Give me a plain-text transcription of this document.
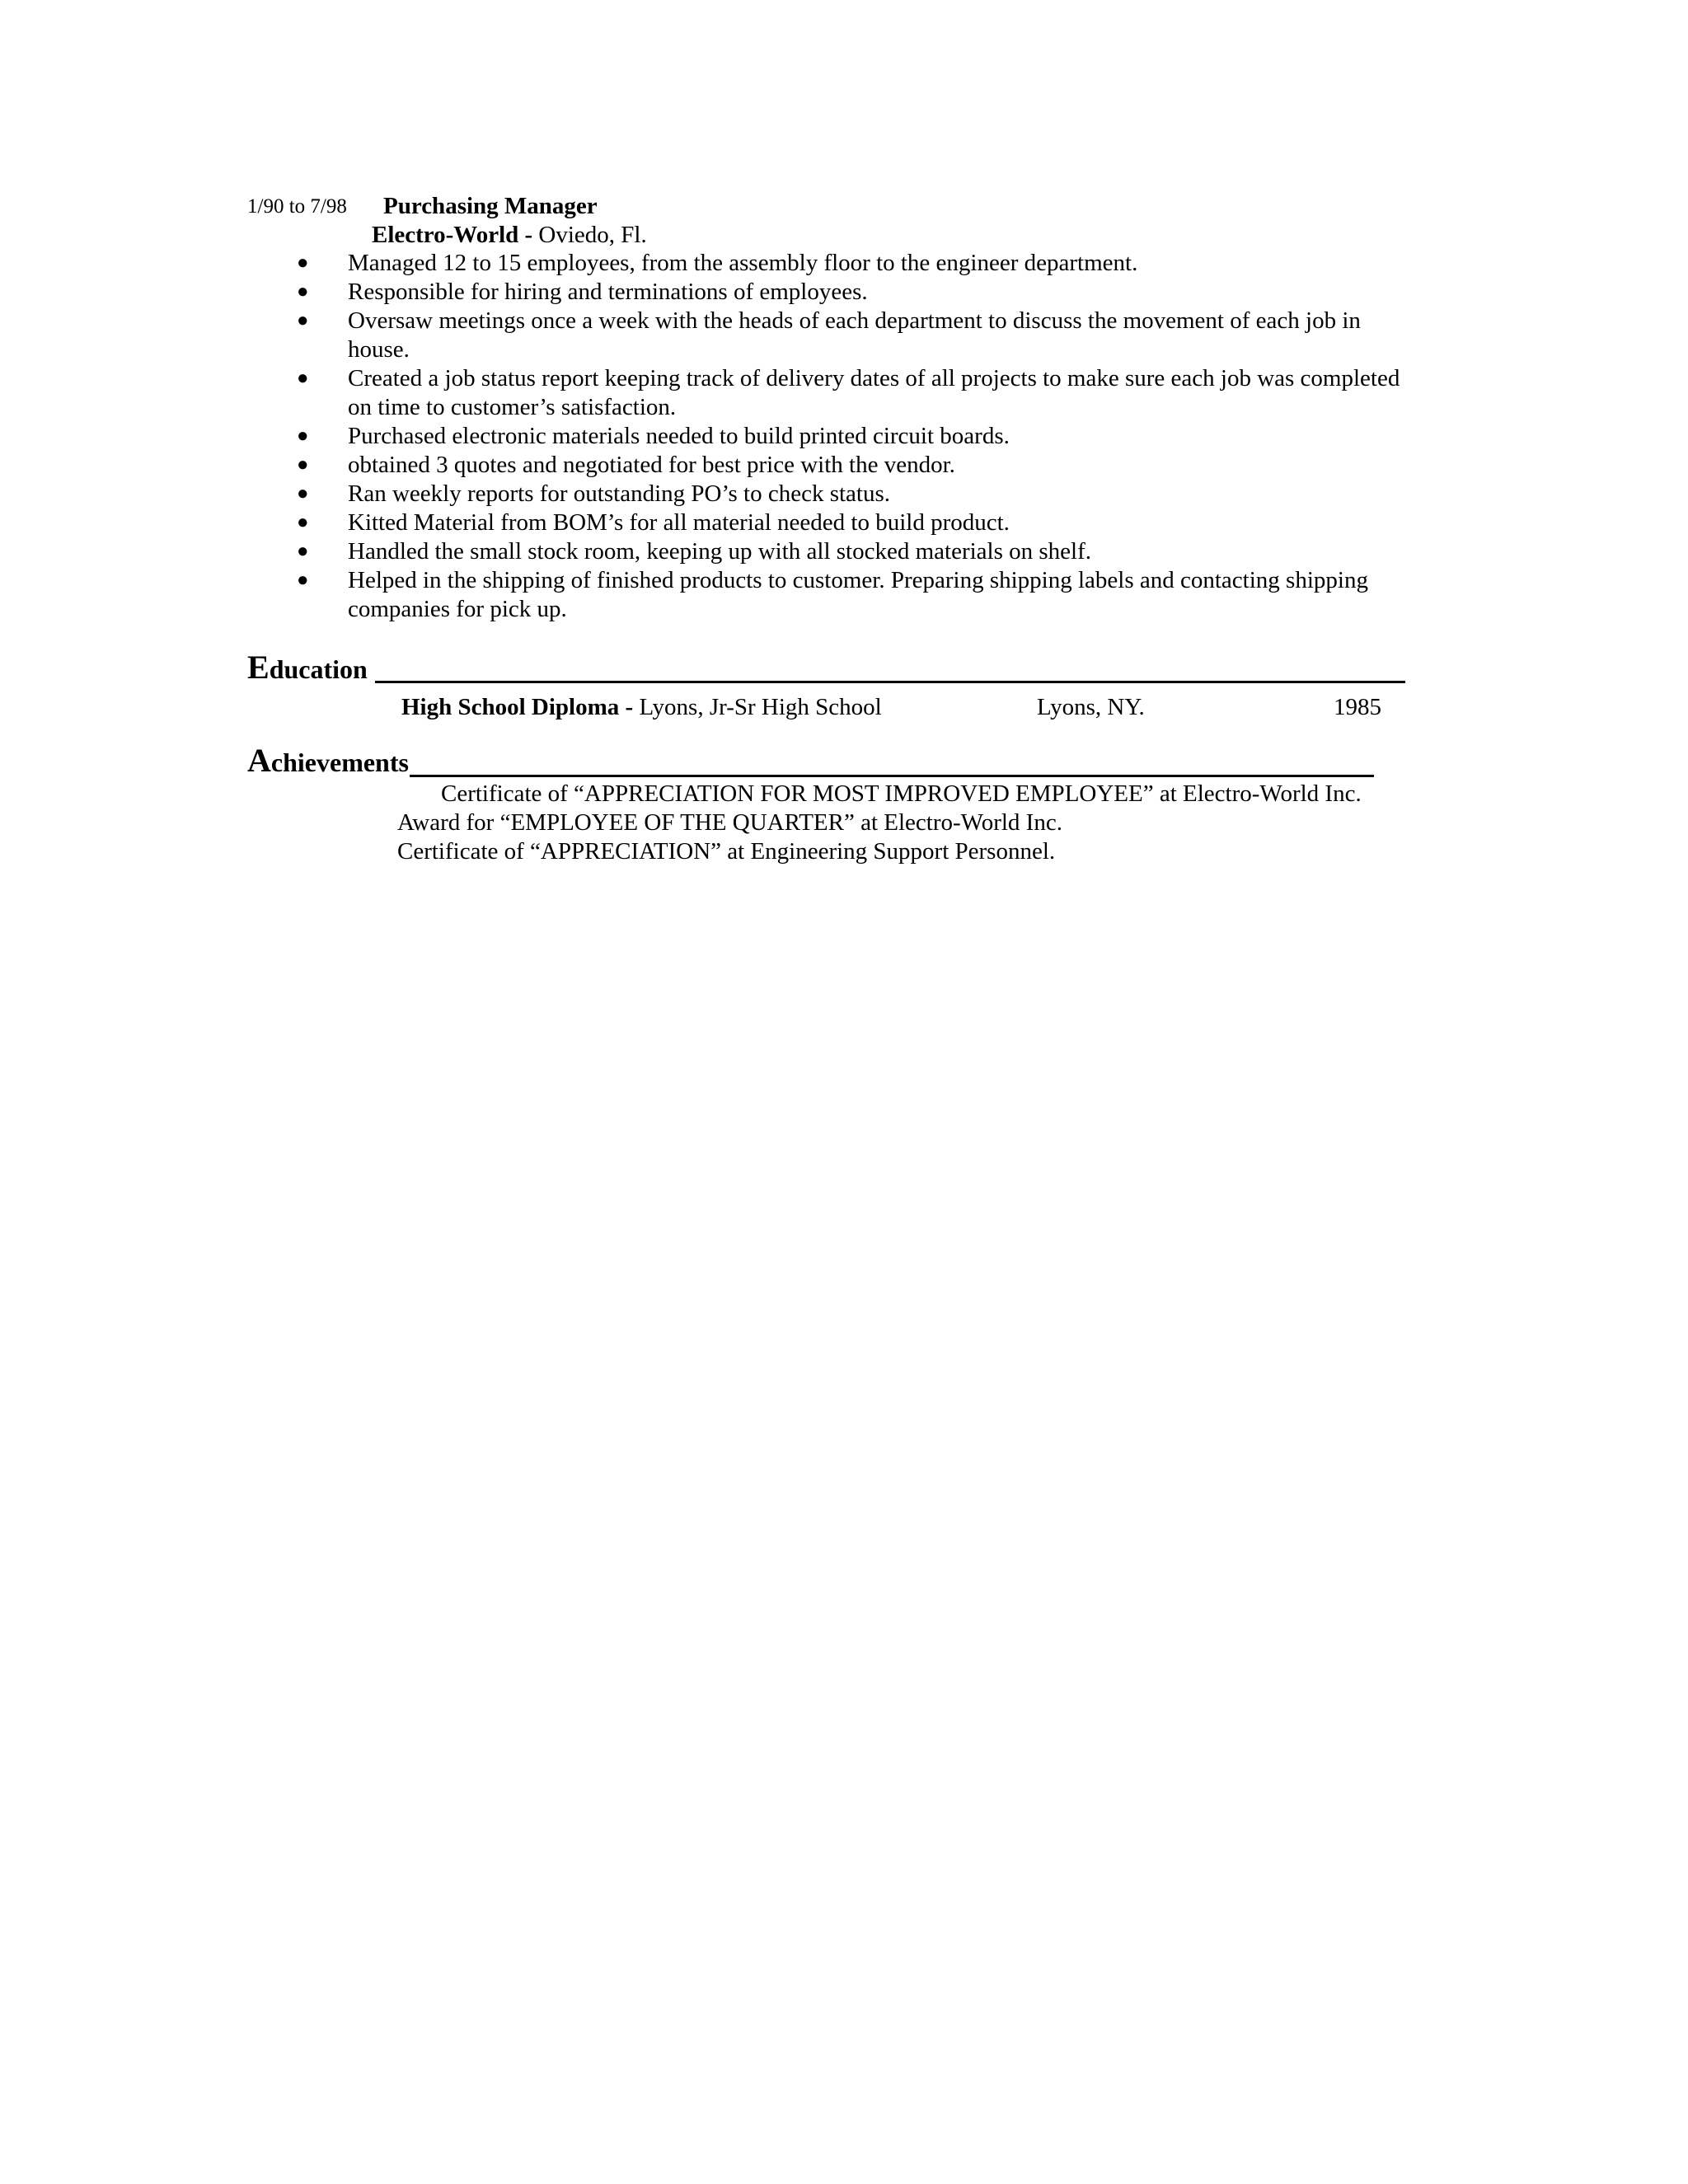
1/90 to 7/98 Purchasing Manager
Electro-World - Oviedo, Fl.
● Managed 12 to 15 employees, from the assembly floor to the engineer department.
● Responsible for hiring and terminations of employees.
● Oversaw meetings once a week with the heads of each department to discuss the movement of each job in house.
● Created a job status report keeping track of delivery dates of all projects to make sure each job was completed on time to customer’s satisfaction.
● Purchased electronic materials needed to build printed circuit boards.
● obtained 3 quotes and negotiated for best price with the vendor.
● Ran weekly reports for outstanding PO’s to check status.
● Kitted Material from BOM’s for all material needed to build product.
● Handled the small stock room, keeping up with all stocked materials on shelf.
● Helped in the shipping of finished products to customer. Preparing shipping labels and contacting shipping companies for pick up.
Education
High School Diploma - Lyons, Jr-Sr High School	Lyons, NY.	1985
Achievements
Certificate of “APPRECIATION FOR MOST IMPROVED EMPLOYEE” at Electro-World Inc.
Award for “EMPLOYEE OF THE QUARTER” at Electro-World Inc.
Certificate of “APPRECIATION” at Engineering Support Personnel.
